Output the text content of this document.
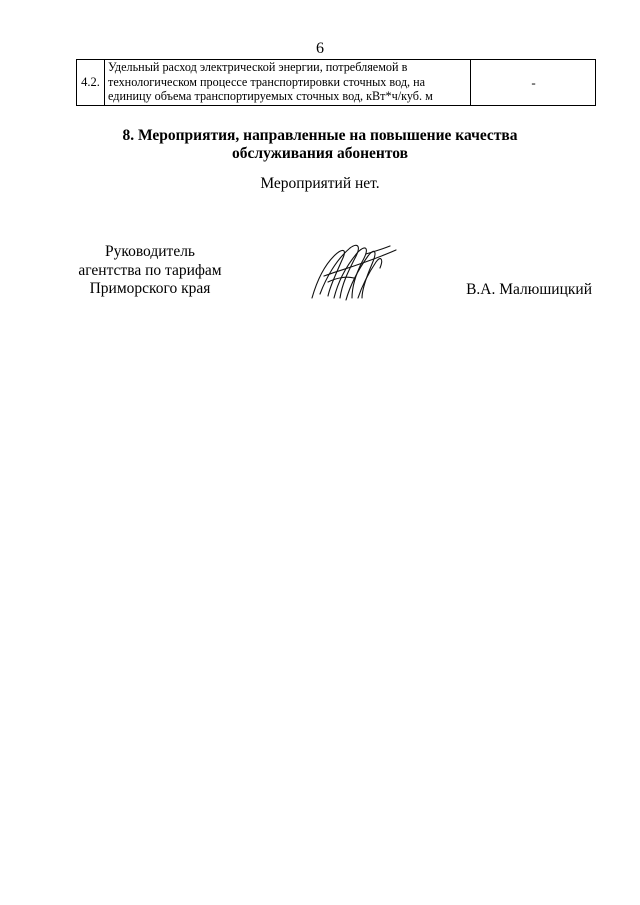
6
4.2.
Удельный расход электрической энергии, потребляемой в
технологическом процессе транспортировки сточных вод, на
единицу объема транспортируемых сточных вод, кВт*ч/куб. м
-
8. Мероприятия, направленные на повышение качества
обслуживания абонентов
Мероприятий нет.
Руководитель
агентства по тарифам
Приморского края	В.А. Малюшицкий
